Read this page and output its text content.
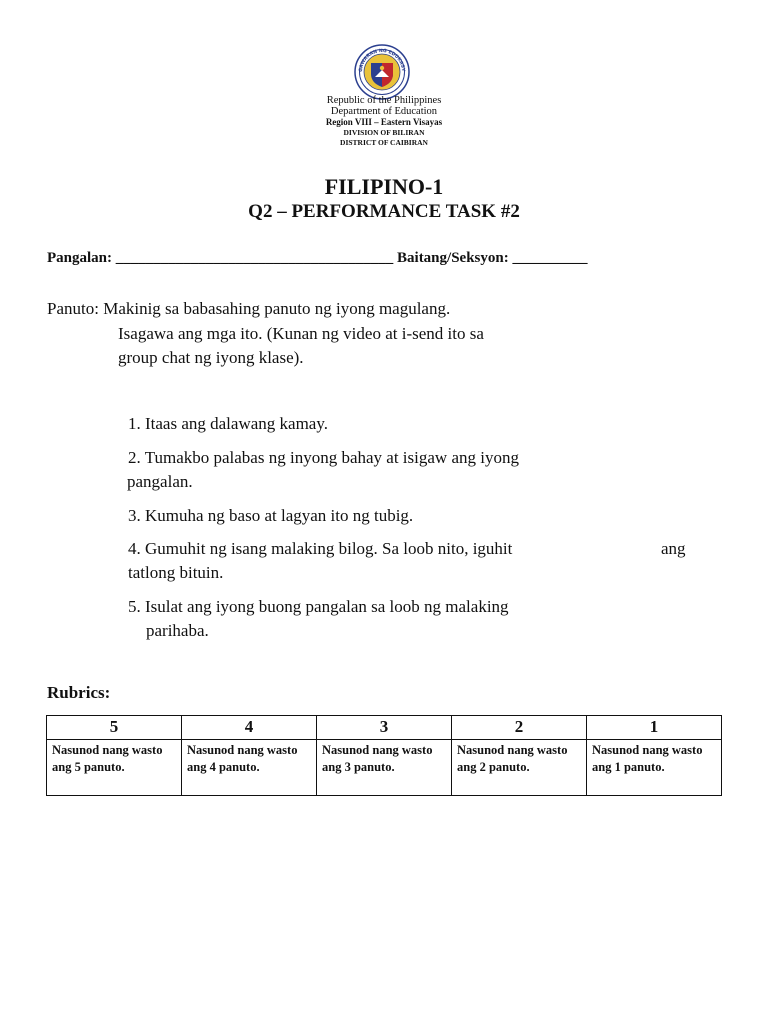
GAWARAN NG EDUKASY
Republic of the Philippines
Department of Education
Region VIII – Eastern Visayas
DIVISION OF BILIRAN
DISTRICT OF CAIBIRAN
FILIPINO-1
Q2 – PERFORMANCE TASK #2
Pangalan: _____________________________________ Baitang/Seksyon: __________
Panuto: Makinig sa babasahing panuto ng iyong magulang.
Isagawa ang mga ito. (Kunan ng video at i-send ito sa
group chat ng iyong klase).
1. Itaas ang dalawang kamay.
2. Tumakbo palabas ng inyong bahay at isigaw ang iyong
pangalan.
3. Kumuha ng baso at lagyan ito ng tubig.
4. Gumuhit ng isang malaking bilog. Sa loob nito, iguhit	ang
tatlong bituin.
5. Isulat ang iyong buong pangalan sa loob ng malaking
parihaba.
Rubrics:
5	4	3	2	1
Nasunod nang wasto ang 5 panuto.	Nasunod nang wasto ang 4 panuto.	Nasunod nang wasto ang 3 panuto.	Nasunod nang wasto ang 2 panuto.	Nasunod nang wasto ang 1 panuto.
